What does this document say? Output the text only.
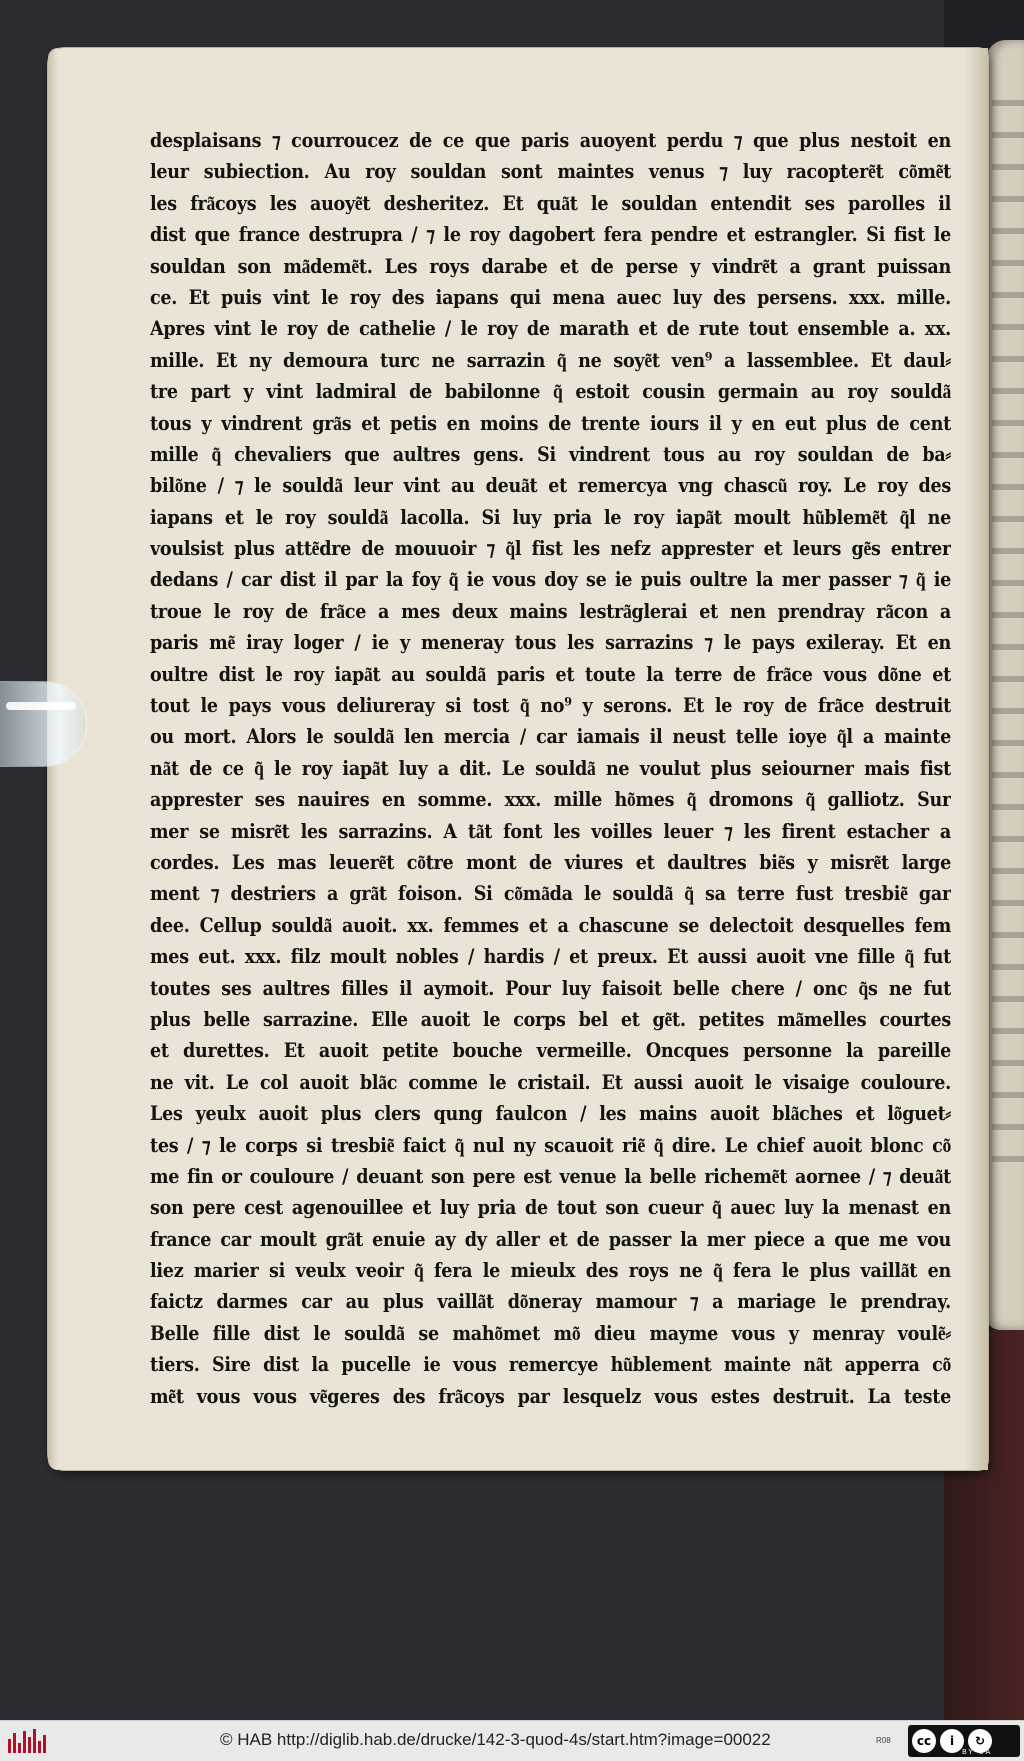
desplaisans ⁊ courroucez de ce que paris auoyent perdu ⁊ que plus nestoit en
leur subiection. Au roy souldan sont maintes venus ⁊ luy racoptere͂t co͂me͂t
les fra͂coys les auoye͂t desheritez. Et qua͂t le souldan entendit ses parolles il
dist que france destrupra / ⁊ le roy dagobert fera pendre et estrangler. Si fist le
souldan son ma͂deme͂t. Les roys darabe et de perse y vindre͂t a grant puissan
ce. Et puis vint le roy des iapans qui mena auec luy des persens. xxx. mille.
Apres vint le roy de cathelie / le roy de marath et de rute tout ensemble a. xx.
mille. Et ny demoura turc ne sarrazin q͂ ne soye͂t ven⁹ a lassemblee. Et daul⸗
tre part y vint ladmiral de babilonne q͂ estoit cousin germain au roy soulda͂
tous y vindrent gra͂s et petis en moins de trente iours il y en eut plus de cent
mille q͂ chevaliers que aultres gens. Si vindrent tous au roy souldan de ba⸗
bilo͂ne / ⁊ le soulda͂ leur vint au deua͂t et remercya vng chascu͂ roy. Le roy des
iapans et le roy soulda͂ lacolla. Si luy pria le roy iapa͂t moult hu͂bleme͂t q͂l ne
voulsist plus atte͂dre de mouuoir ⁊ q͂l fist les nefz apprester et leurs ge͂s entrer
dedans / car dist il par la foy q͂ ie vous doy se ie puis oultre la mer passer ⁊ q͂ ie
troue le roy de fra͂ce a mes deux mains lestra͂glerai et nen prendray ra͂con a
paris me͂ iray loger / ie y meneray tous les sarrazins ⁊ le pays exileray. Et en
oultre dist le roy iapa͂t au soulda͂ paris et toute la terre de fra͂ce vous do͂ne et
tout le pays vous deliureray si tost q͂ no⁹ y serons. Et le roy de fra͂ce destruit
ou mort. Alors le soulda͂ len mercia / car iamais il neust telle ioye q͂l a mainte
na͂t de ce q͂ le roy iapa͂t luy a dit. Le soulda͂ ne voulut plus seiourner mais fist
apprester ses nauires en somme. xxx. mille ho͂mes q͂ dromons q͂ galliotz. Sur
mer se misre͂t les sarrazins. A ta͂t font les voilles leuer ⁊ les firent estacher a
cordes. Les mas leuere͂t co͂tre mont de viures et daultres bie͂s y misre͂t large
ment ⁊ destriers a gra͂t foison. Si co͂ma͂da le soulda͂ q͂ sa terre fust tresbie͂ gar
dee. Cellup soulda͂ auoit. xx. femmes et a chascune se delectoit desquelles fem
mes eut. xxx. filz moult nobles / hardis / et preux. Et aussi auoit vne fille q͂ fut
toutes ses aultres filles il aymoit. Pour luy faisoit belle chere / onc q͂s ne fut
plus belle sarrazine. Elle auoit le corps bel et ge͂t. petites ma͂melles courtes
et durettes. Et auoit petite bouche vermeille. Oncques personne la pareille
ne vit. Le col auoit bla͂c comme le cristail. Et aussi auoit le visaige couloure.
Les yeulx auoit plus clers qung faulcon / les mains auoit bla͂ches et lo͂guet⸗
tes / ⁊ le corps si tresbie͂ faict q͂ nul ny scauoit rie͂ q͂ dire. Le chief auoit blonc co͂
me fin or couloure / deuant son pere est venue la belle richeme͂t aornee / ⁊ deua͂t
son pere cest agenouillee et luy pria de tout son cueur q͂ auec luy la menast en
france car moult gra͂t enuie ay dy aller et de passer la mer piece a que me vou
liez marier si veulx veoir q͂ fera le mieulx des roys ne q͂ fera le plus vailla͂t en
faictz darmes car au plus vailla͂t do͂neray mamour ⁊ a mariage le prendray.
Belle fille dist le soulda͂ se maho͂met mo͂ dieu mayme vous y menray voule͂⸗
tiers. Sire dist la pucelle ie vous remercye hu͂blement mainte na͂t apperra co͂
me͂t vous vous ve͂geres des fra͂coys par lesquelz vous estes destruit. La teste
© HAB http://diglib.hab.de/drucke/142-3-quod-4s/start.htm?image=00022	R08	cc	i	↻
BY SA
